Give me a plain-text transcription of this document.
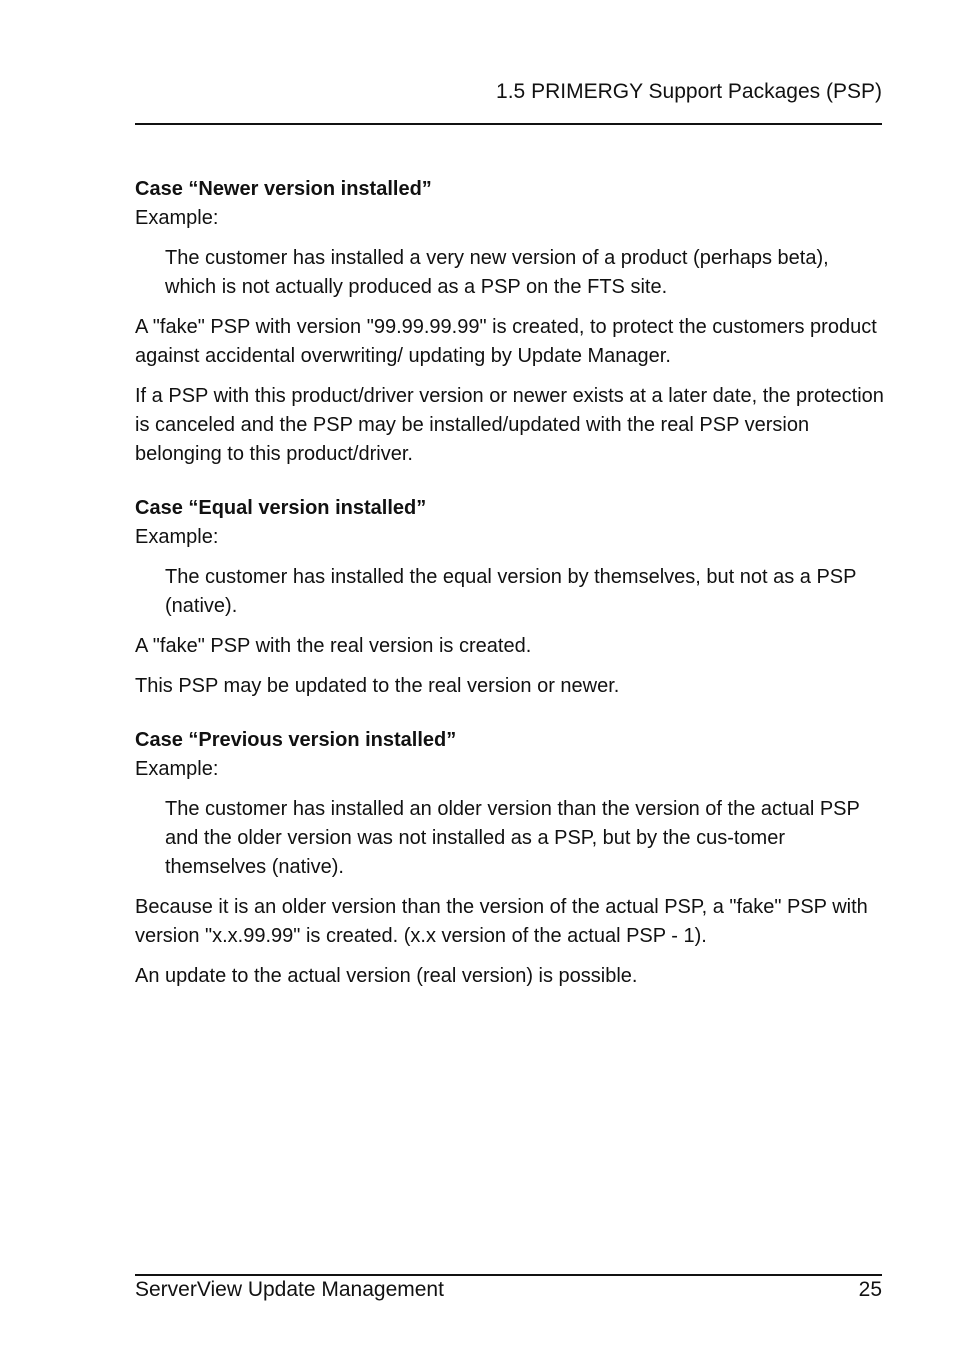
1.5 PRIMERGY Support Packages (PSP)

Case “Newer version installed”

Example:

The customer has installed a very new version of a product (perhaps beta), which is not actually produced as a PSP on the FTS site.

A "fake" PSP with version "99.99.99.99" is created, to protect the customers product against accidental overwriting/ updating by Update Manager.

If a PSP with this product/driver version or newer exists at a later date, the protection is canceled and the PSP may be installed/updated with the real PSP version belonging to this product/driver.

Case “Equal version installed”

Example:

The customer has installed the equal version by themselves, but not as a PSP (native).

A "fake" PSP with the real version is created.

This PSP may be updated to the real version or newer.

Case “Previous version installed”

Example:

The customer has installed an older version than the version of the actual PSP and the older version was not installed as a PSP, but by the cus-tomer themselves (native).

Because it is an older version than the version of the actual PSP, a "fake" PSP with version "x.x.99.99" is created. (x.x version of the actual PSP - 1).

An update to the actual version (real version) is possible.

ServerView Update Management	25
